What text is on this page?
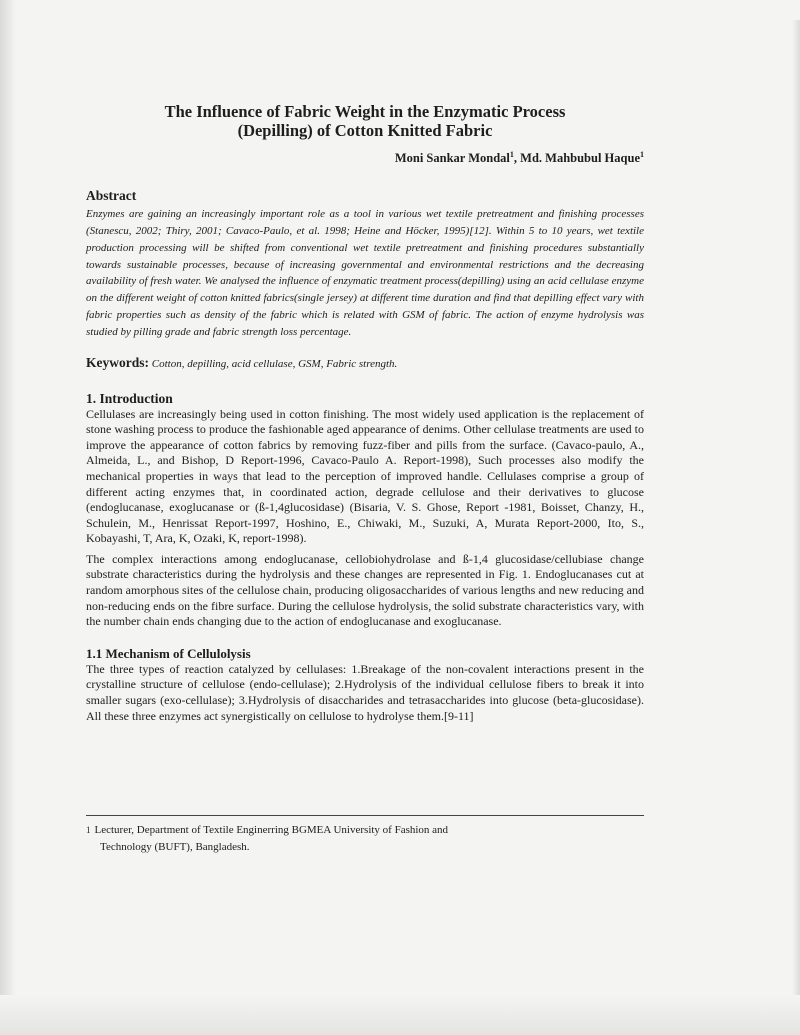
The Influence of Fabric Weight in the Enzymatic Process
(Depilling) of Cotton Knitted Fabric
Moni Sankar Mondal$^1$, Md. Mahbubul Haque$^1$
Abstract

Enzymes are gaining an increasingly important role as a tool in various wet textile pretreatment and finishing processes (Stanescu, 2002; Thiry, 2001; Cavaco-Paulo, et al. 1998; Heine and Höcker, 1995)[12]. Within 5 to 10 years, wet textile production processing will be shifted from conventional wet textile pretreatment and finishing procedures substantially towards sustainable processes, because of increasing governmental and environmental restrictions and the decreasing availability of fresh water. We analysed the influence of enzymatic treatment process(depilling) using an acid cellulase enzyme on the different weight of cotton knitted fabrics(single jersey) at different time duration and find that depilling effect vary with fabric properties such as density of the fabric which is related with GSM of fabric. The action of enzyme hydrolysis was studied by pilling grade and fabric strength loss percentage.

Keywords: Cotton, depilling, acid cellulase, GSM, Fabric strength.
1. Introduction

Cellulases are increasingly being used in cotton finishing. The most widely used application is the replacement of stone washing process to produce the fashionable aged appearance of denims. Other cellulase treatments are used to improve the appearance of cotton fabrics by removing fuzz-fiber and pills from the surface. (Cavaco-paulo, A., Almeida, L., and Bishop, D Report-1996, Cavaco-Paulo A. Report-1998), Such processes also modify the mechanical properties in ways that lead to the perception of improved handle. Cellulases comprise a group of different acting enzymes that, in coordinated action, degrade cellulose and their derivatives to glucose (endoglucanase, exoglucanase or (ß-1,4glucosidase) (Bisaria, V. S. Ghose, Report -1981, Boisset, Chanzy, H., Schulein, M., Henrissat Report-1997, Hoshino, E., Chiwaki, M., Suzuki, A, Murata Report-2000, Ito, S., Kobayashi, T, Ara, K, Ozaki, K, report-1998).

The complex interactions among endoglucanase, cellobiohydrolase and ß-1,4 glucosidase/cellubiase change substrate characteristics during the hydrolysis and these changes are represented in Fig. 1. Endoglucanases cut at random amorphous sites of the cellulose chain, producing oligosaccharides of various lengths and new reducing and non-reducing ends on the fibre surface. During the cellulose hydrolysis, the solid substrate characteristics vary, with the number chain ends changing due to the action of endoglucanase and exoglucanase.

1.1 Mechanism of Cellulolysis

The three types of reaction catalyzed by cellulases: 1.Breakage of the non-covalent interactions present in the crystalline structure of cellulose (endo-cellulase); 2.Hydrolysis of the individual cellulose fibers to break it into smaller sugars (exo-cellulase); 3.Hydrolysis of disaccharides and tetrasaccharides into glucose (beta-glucosidase). All these three enzymes act synergistically on cellulose to hydrolyse them.[9-11]

$^1$ Lecturer, Department of Textile Enginerring BGMEA University of Fashion and
Technology (BUFT), Bangladesh.
